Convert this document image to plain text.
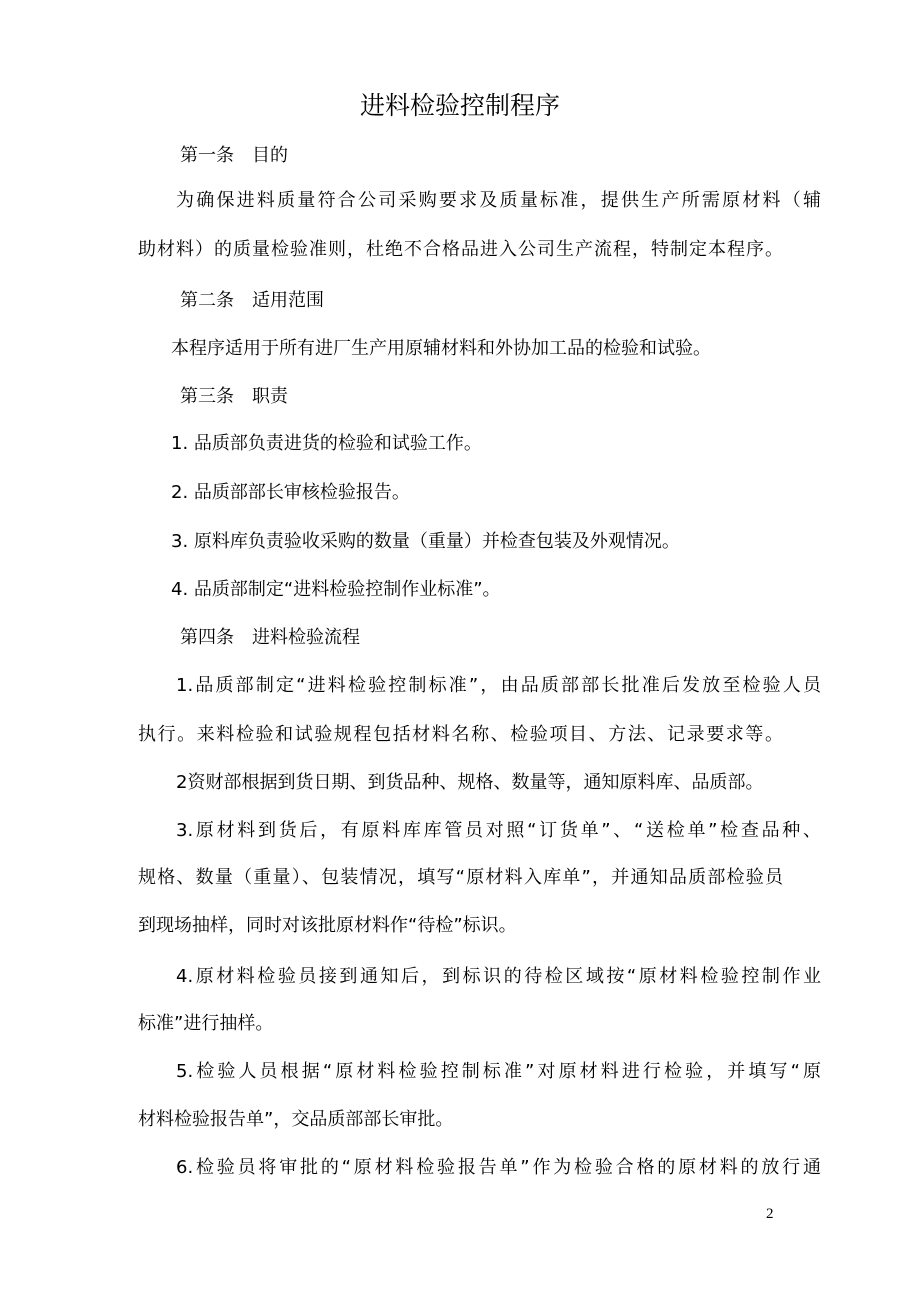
进料检验控制程序
第一条　目的
为确保进料质量符合公司采购要求及质量标准，提供生产所需原材料（辅
助材料）的质量检验准则，杜绝不合格品进入公司生产流程，特制定本程序。
第二条　适用范围
本程序适用于所有进厂生产用原辅材料和外协加工品的检验和试验。
第三条　职责
1. 品质部负责进货的检验和试验工作。
2. 品质部部长审核检验报告。
3. 原料库负责验收采购的数量（重量）并检查包装及外观情况。
4. 品质部制定“进料检验控制作业标准”。
第四条　进料检验流程
1.品质部制定“进料检验控制标准”，由品质部部长批准后发放至检验人员
执行。来料检验和试验规程包括材料名称、检验项目、方法、记录要求等。
2资财部根据到货日期、到货品种、规格、数量等，通知原料库、品质部。
3.原材料到货后，有原料库库管员对照“订货单”、“送检单”检查品种、
规格、数量（重量）、包装情况，填写“原材料入库单”，并通知品质部检验员
到现场抽样，同时对该批原材料作“待检”标识。
4.原材料检验员接到通知后，到标识的待检区域按“原材料检验控制作业
标准”进行抽样。
5.检验人员根据“原材料检验控制标准”对原材料进行检验，并填写“原
材料检验报告单”，交品质部部长审批。
6.检验员将审批的“原材料检验报告单”作为检验合格的原材料的放行通
2
